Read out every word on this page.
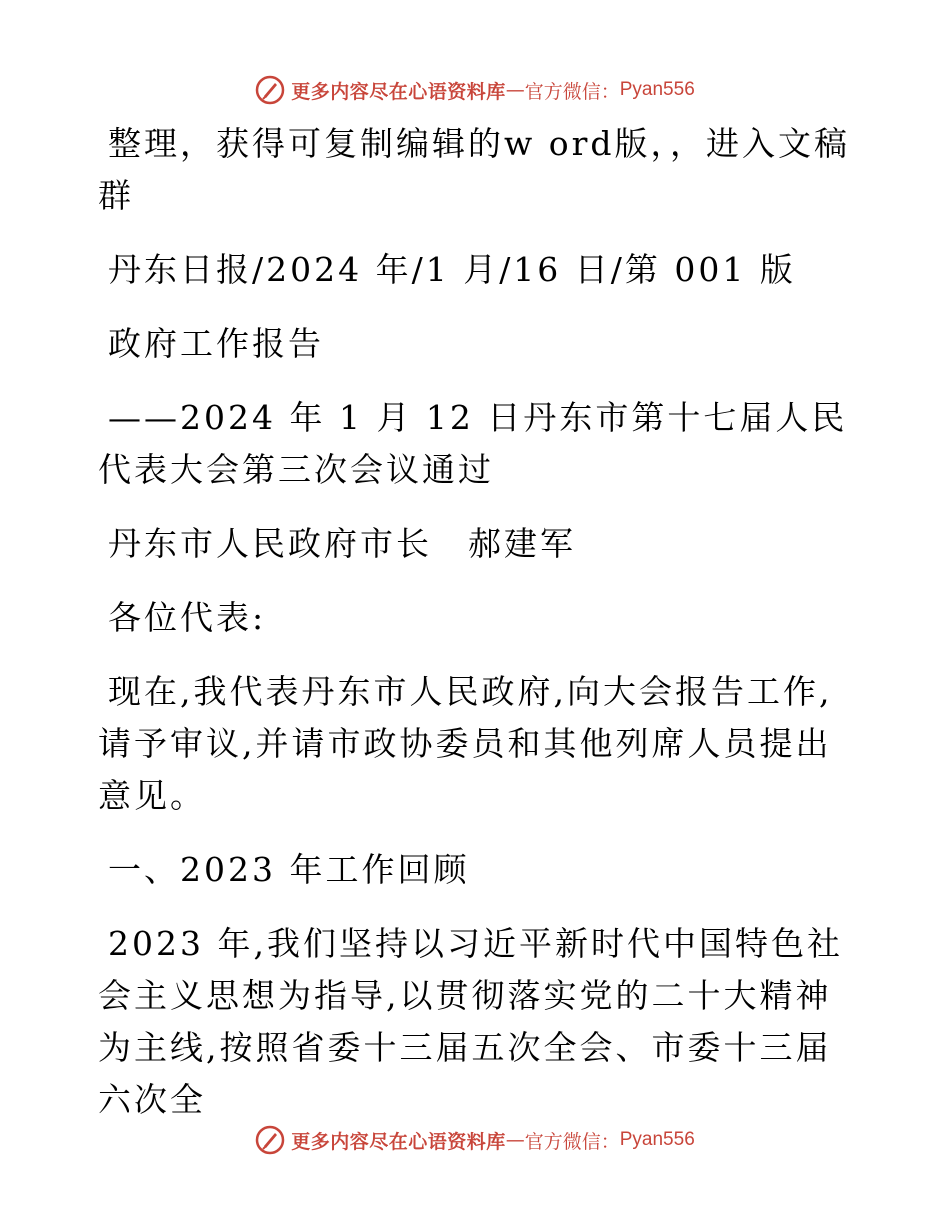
更多内容尽在心语资料库 — 官方微信： Pyan556

整理，获得可复制编辑的w ord版，，进入文稿群

丹东日报/2024 年/1 月/16 日/第 001 版

政府工作报告

——2024 年 1 月 12 日丹东市第十七届人民代表大会第三次会议通过

丹东市人民政府市长　郝建军

各位代表:

现在,我代表丹东市人民政府,向大会报告工作,请予审议,并请市政协委员和其他列席人员提出意见。

一、2023 年工作回顾

2023 年,我们坚持以习近平新时代中国特色社会主义思想为指导,以贯彻落实党的二十大精神为主线,按照省委十三届五次全会、市委十三届六次全

更多内容尽在心语资料库 — 官方微信： Pyan556
